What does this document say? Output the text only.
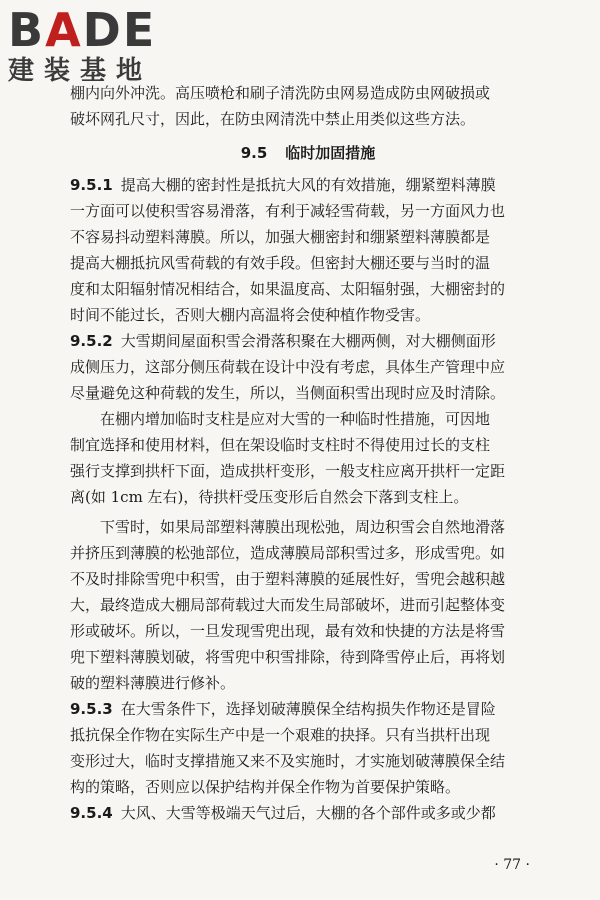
BADE
建装基地
棚内向外冲洗。高压喷枪和刷子清洗防虫网易造成防虫网破损或
破坏网孔尺寸，因此，在防虫网清洗中禁止用类似这些方法。
9.5 临时加固措施
9.5.1 提高大棚的密封性是抵抗大风的有效措施，绷紧塑料薄膜
一方面可以使积雪容易滑落，有利于减轻雪荷载，另一方面风力也
不容易抖动塑料薄膜。所以，加强大棚密封和绷紧塑料薄膜都是
提高大棚抵抗风雪荷载的有效手段。但密封大棚还要与当时的温
度和太阳辐射情况相结合，如果温度高、太阳辐射强，大棚密封的
时间不能过长，否则大棚内高温将会使种植作物受害。
9.5.2 大雪期间屋面积雪会滑落积聚在大棚两侧，对大棚侧面形
成侧压力，这部分侧压荷载在设计中没有考虑，具体生产管理中应
尽量避免这种荷载的发生，所以，当侧面积雪出现时应及时清除。
在棚内增加临时支柱是应对大雪的一种临时性措施，可因地
制宜选择和使用材料，但在架设临时支柱时不得使用过长的支柱
强行支撑到拱杆下面，造成拱杆变形，一般支柱应离开拱杆一定距
离(如 1cm 左右)，待拱杆受压变形后自然会下落到支柱上。
下雪时，如果局部塑料薄膜出现松弛，周边积雪会自然地滑落
并挤压到薄膜的松弛部位，造成薄膜局部积雪过多，形成雪兜。如
不及时排除雪兜中积雪，由于塑料薄膜的延展性好，雪兜会越积越
大，最终造成大棚局部荷载过大而发生局部破坏，进而引起整体变
形或破坏。所以，一旦发现雪兜出现，最有效和快捷的方法是将雪
兜下塑料薄膜划破，将雪兜中积雪排除，待到降雪停止后，再将划
破的塑料薄膜进行修补。
9.5.3 在大雪条件下，选择划破薄膜保全结构损失作物还是冒险
抵抗保全作物在实际生产中是一个艰难的抉择。只有当拱杆出现
变形过大，临时支撑措施又来不及实施时，才实施划破薄膜保全结
构的策略，否则应以保护结构并保全作物为首要保护策略。
9.5.4 大风、大雪等极端天气过后，大棚的各个部件或多或少都
· 77 ·
